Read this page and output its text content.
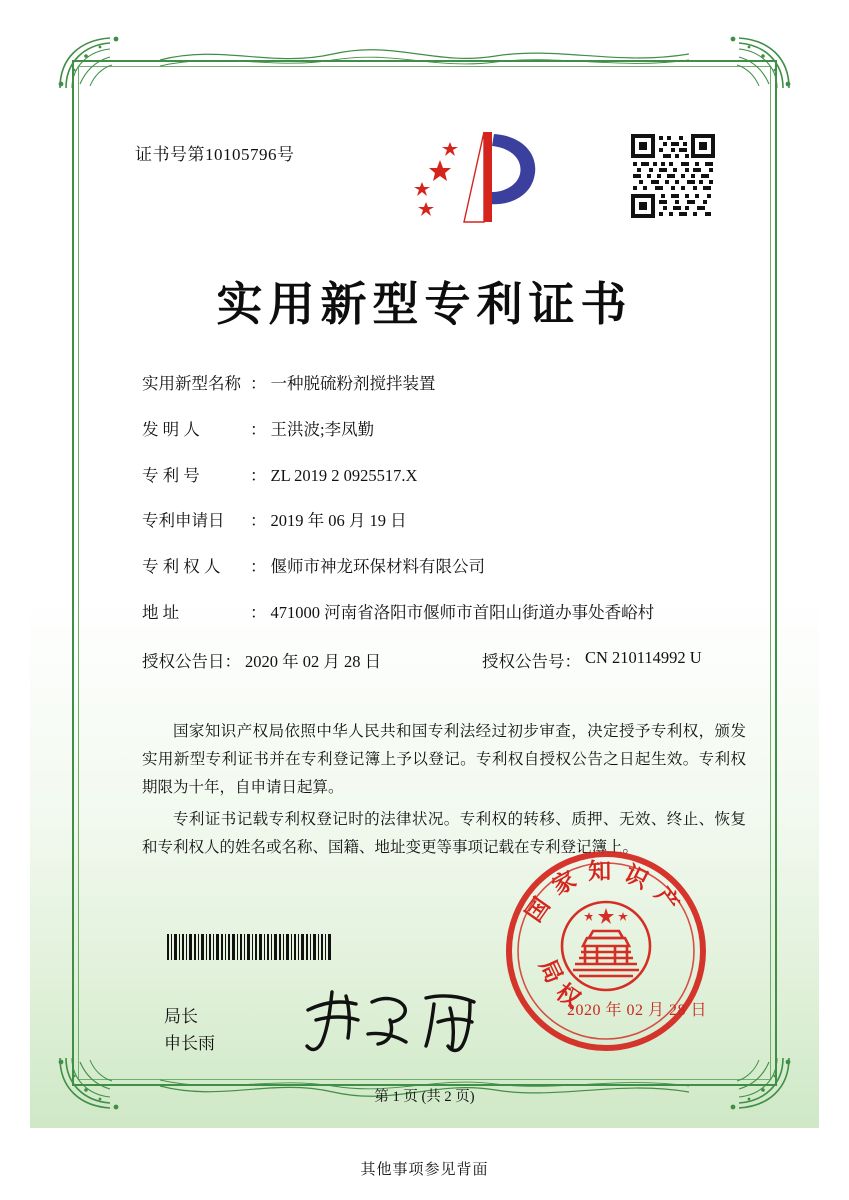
证书号第10105796号
实用新型专利证书
实用新型名称 ： 一种脱硫粉剂搅拌装置
发 明 人	： 王洪波;李凤勤
专 利 号	： ZL 2019 2 0925517.X
专利申请日	： 2019 年 06 月 19 日
专 利 权 人	： 偃师市神龙环保材料有限公司
地 址	： 471000 河南省洛阳市偃师市首阳山街道办事处香峪村
授权公告日 ： 2020 年 02 月 28 日	授权公告号 ： CN 210114992 U

国家知识产权局依照中华人民共和国专利法经过初步审查，决定授予专利权，颁发实用新型专利证书并在专利登记簿上予以登记。专利权自授权公告之日起生效。专利权期限为十年，自申请日起算。

专利证书记载专利权登记时的法律状况。专利权的转移、质押、无效、终止、恢复和专利权人的姓名或名称、国籍、地址变更等事项记载在专利登记簿上。

局长
申长雨
国家知识产
局权
2020 年 02 月 28 日
第 1 页 (共 2 页)
其他事项参见背面
